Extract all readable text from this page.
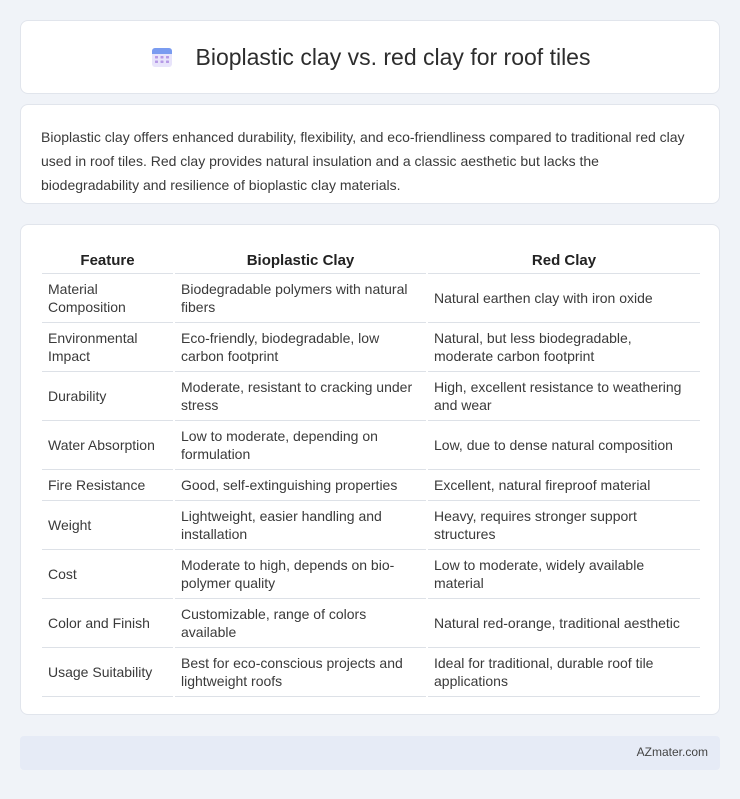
Bioplastic clay vs. red clay for roof tiles

Bioplastic clay offers enhanced durability, flexibility, and eco-friendliness compared to traditional red clay used in roof tiles. Red clay provides natural insulation and a classic aesthetic but lacks the biodegradability and resilience of bioplastic clay materials.

Feature	Bioplastic Clay	Red Clay
Material Composition	Biodegradable polymers with natural fibers	Natural earthen clay with iron oxide
Environmental Impact	Eco-friendly, biodegradable, low carbon footprint	Natural, but less biodegradable, moderate carbon footprint
Durability	Moderate, resistant to cracking under stress	High, excellent resistance to weathering and wear
Water Absorption	Low to moderate, depending on formulation	Low, due to dense natural composition
Fire Resistance	Good, self-extinguishing properties	Excellent, natural fireproof material
Weight	Lightweight, easier handling and installation	Heavy, requires stronger support structures
Cost	Moderate to high, depends on bio-polymer quality	Low to moderate, widely available material
Color and Finish	Customizable, range of colors available	Natural red-orange, traditional aesthetic
Usage Suitability	Best for eco-conscious projects and lightweight roofs	Ideal for traditional, durable roof tile applications
AZmater.com
